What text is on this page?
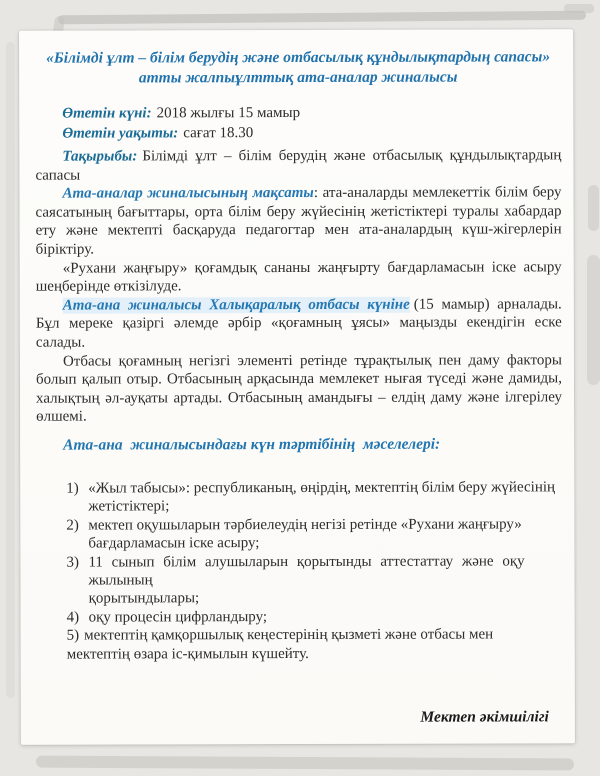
«Білімді ұлт – білім берудің және отбасылық құндылықтардың сапасы»
атты жалпыұлттық ата-аналар жиналысы

Өтетін күні: 2018 жылғы 15 мамыр

Өтетін уақыты: сағат 18.30

Тақырыбы: Білімді ұлт – білім берудің және отбасылық құндылықтардың сапасы

Ата-аналар жиналысының мақсаты: ата-аналарды мемлекеттік білім беру саясатының бағыттары, орта білім беру жүйесінің жетістіктері туралы хабардар ету және мектепті басқаруда педагогтар мен ата-аналардың күш-жігерлерін біріктіру.

«Рухани жаңғыру» қоғамдық сананы жаңғырту бағдарламасын іске асыру шеңберінде өткізілуде.

Ата-ана жиналысы Халықаралық отбасы күніне (15 мамыр) арналады. Бұл мереке қазіргі әлемде әрбір «қоғамның ұясы» маңызды екендігін еске салады.

Отбасы қоғамның негізгі элементі ретінде тұрақтылық пен даму факторы болып қалып отыр. Отбасының арқасында мемлекет нығая түседі және дамиды, халықтың әл-ауқаты артады. Отбасының амандығы – елдің даму және ілгерілеу өлшемі.

Ата-ана  жиналысындағы күн тәртібінің  мәселелері:

1) «Жыл табысы»: республиканың, өңірдің, мектептің білім беру жүйесінің
жетістіктері;
2) мектеп оқушыларын тәрбиелеудің негізі ретінде «Рухани жаңғыру»
бағдарламасын іске асыру;
3) 11 сынып білім алушыларын қорытынды аттестаттау және оқу
жылының
қорытындылары;
4) оқу процесін цифрландыру;
5) мектептің қамқоршылық кеңестерінің қызметі және отбасы мен
мектептің өзара іс-қимылын күшейту.

Мектеп әкімшілігі
